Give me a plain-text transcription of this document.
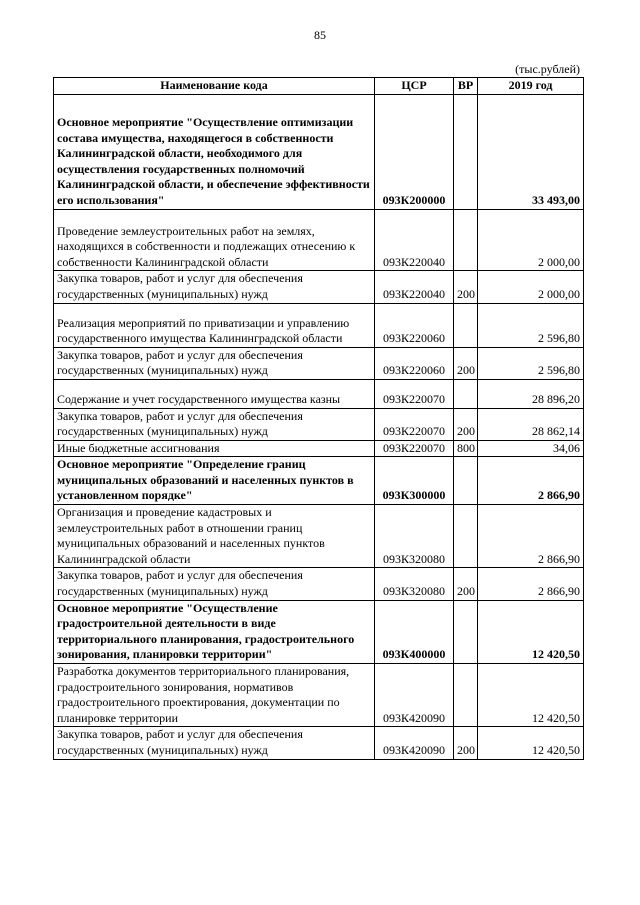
85
(тыс.рублей)
Наименование кода	ЦСР	ВР	2019 год
Основное мероприятие "Осуществление оптимизации состава имущества, находящегося в собственности Калининградской области, необходимого для осуществления государственных полномочий Калининградской области, и обеспечение эффективности его использования"	093К200000		33 493,00
Проведение землеустроительных работ на землях, находящихся в собственности и подлежащих отнесению к собственности Калининградской области	093К220040		2 000,00
Закупка товаров, работ и услуг для обеспечения государственных (муниципальных) нужд	093К220040	200	2 000,00
Реализация мероприятий по приватизации и управлению государственного имущества Калининградской области	093К220060		2 596,80
Закупка товаров, работ и услуг для обеспечения государственных (муниципальных) нужд	093К220060	200	2 596,80
Содержание и учет государственного имущества казны	093К220070		28 896,20
Закупка товаров, работ и услуг для обеспечения государственных (муниципальных) нужд	093К220070	200	28 862,14
Иные бюджетные ассигнования	093К220070	800	34,06
Основное мероприятие "Определение границ муниципальных образований и населенных пунктов в установленном порядке"	093К300000		2 866,90
Организация и проведение кадастровых и землеустроительных работ в отношении границ муниципальных образований и населенных пунктов Калининградской области	093К320080		2 866,90
Закупка товаров, работ и услуг для обеспечения государственных (муниципальных) нужд	093К320080	200	2 866,90
Основное мероприятие "Осуществление градостроительной деятельности в виде территориального планирования, градостроительного зонирования, планировки территории"	093К400000		12 420,50
Разработка документов территориального планирования, градостроительного зонирования, нормативов градостроительного проектирования, документации по планировке территории	093К420090		12 420,50
Закупка товаров, работ и услуг для обеспечения государственных (муниципальных) нужд	093К420090	200	12 420,50
